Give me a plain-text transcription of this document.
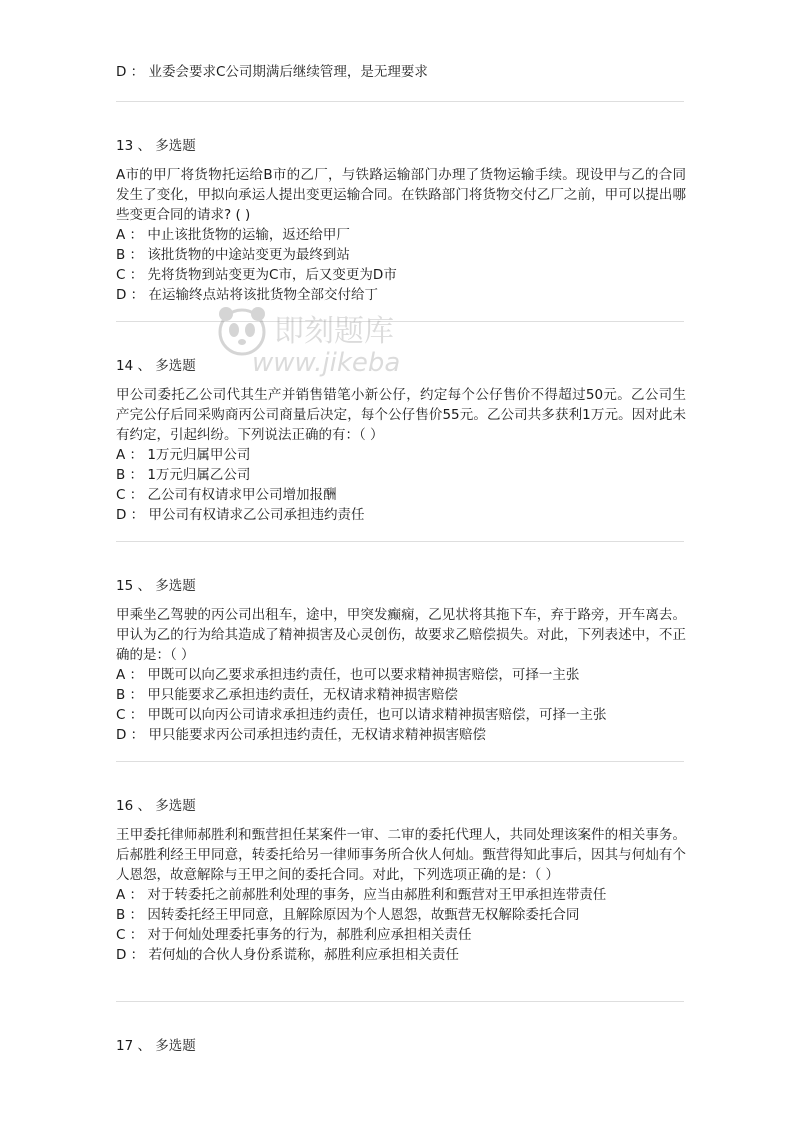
D ： 业委会要求C公司期满后继续管理，是无理要求
13 、 多选题
A市的甲厂将货物托运给B市的乙厂，与铁路运输部门办理了货物运输手续。现设甲与乙的合同发生了变化，甲拟向承运人提出变更运输合同。在铁路部门将货物交付乙厂之前，甲可以提出哪些变更合同的请求? ( )
A ： 中止该批货物的运输，返还给甲厂
B ： 该批货物的中途站变更为最终到站
C ： 先将货物到站变更为C市，后又变更为D市
D ： 在运输终点站将该批货物全部交付给丁
14 、 多选题
甲公司委托乙公司代其生产并销售错笔小新公仔，约定每个公仔售价不得超过50元。乙公司生产完公仔后同采购商丙公司商量后决定，每个公仔售价55元。乙公司共多获利1万元。因对此未有约定，引起纠纷。下列说法正确的有：（ ）
A ： 1万元归属甲公司
B ： 1万元归属乙公司
C ： 乙公司有权请求甲公司增加报酬
D ： 甲公司有权请求乙公司承担违约责任
15 、 多选题
甲乘坐乙驾驶的丙公司出租车，途中，甲突发癫痫，乙见状将其拖下车，弃于路旁，开车离去。甲认为乙的行为给其造成了精神损害及心灵创伤，故要求乙赔偿损失。对此，下列表述中，不正确的是：（ ）
A ： 甲既可以向乙要求承担违约责任，也可以要求精神损害赔偿，可择一主张
B ： 甲只能要求乙承担违约责任，无权请求精神损害赔偿
C ： 甲既可以向丙公司请求承担违约责任，也可以请求精神损害赔偿，可择一主张
D ： 甲只能要求丙公司承担违约责任，无权请求精神损害赔偿
16 、 多选题
王甲委托律师郝胜利和甄营担任某案件一审、二审的委托代理人，共同处理该案件的相关事务。后郝胜利经王甲同意，转委托给另一律师事务所合伙人何灿。甄营得知此事后，因其与何灿有个人恩怨，故意解除与王甲之间的委托合同。对此，下列选项正确的是：（ ）
A ： 对于转委托之前郝胜利处理的事务，应当由郝胜利和甄营对王甲承担连带责任
B ： 因转委托经王甲同意，且解除原因为个人恩怨，故甄营无权解除委托合同
C ： 对于何灿处理委托事务的行为，郝胜利应承担相关责任
D ： 若何灿的合伙人身份系谎称，郝胜利应承担相关责任
17 、 多选题
即刻题库
www.jikeba
